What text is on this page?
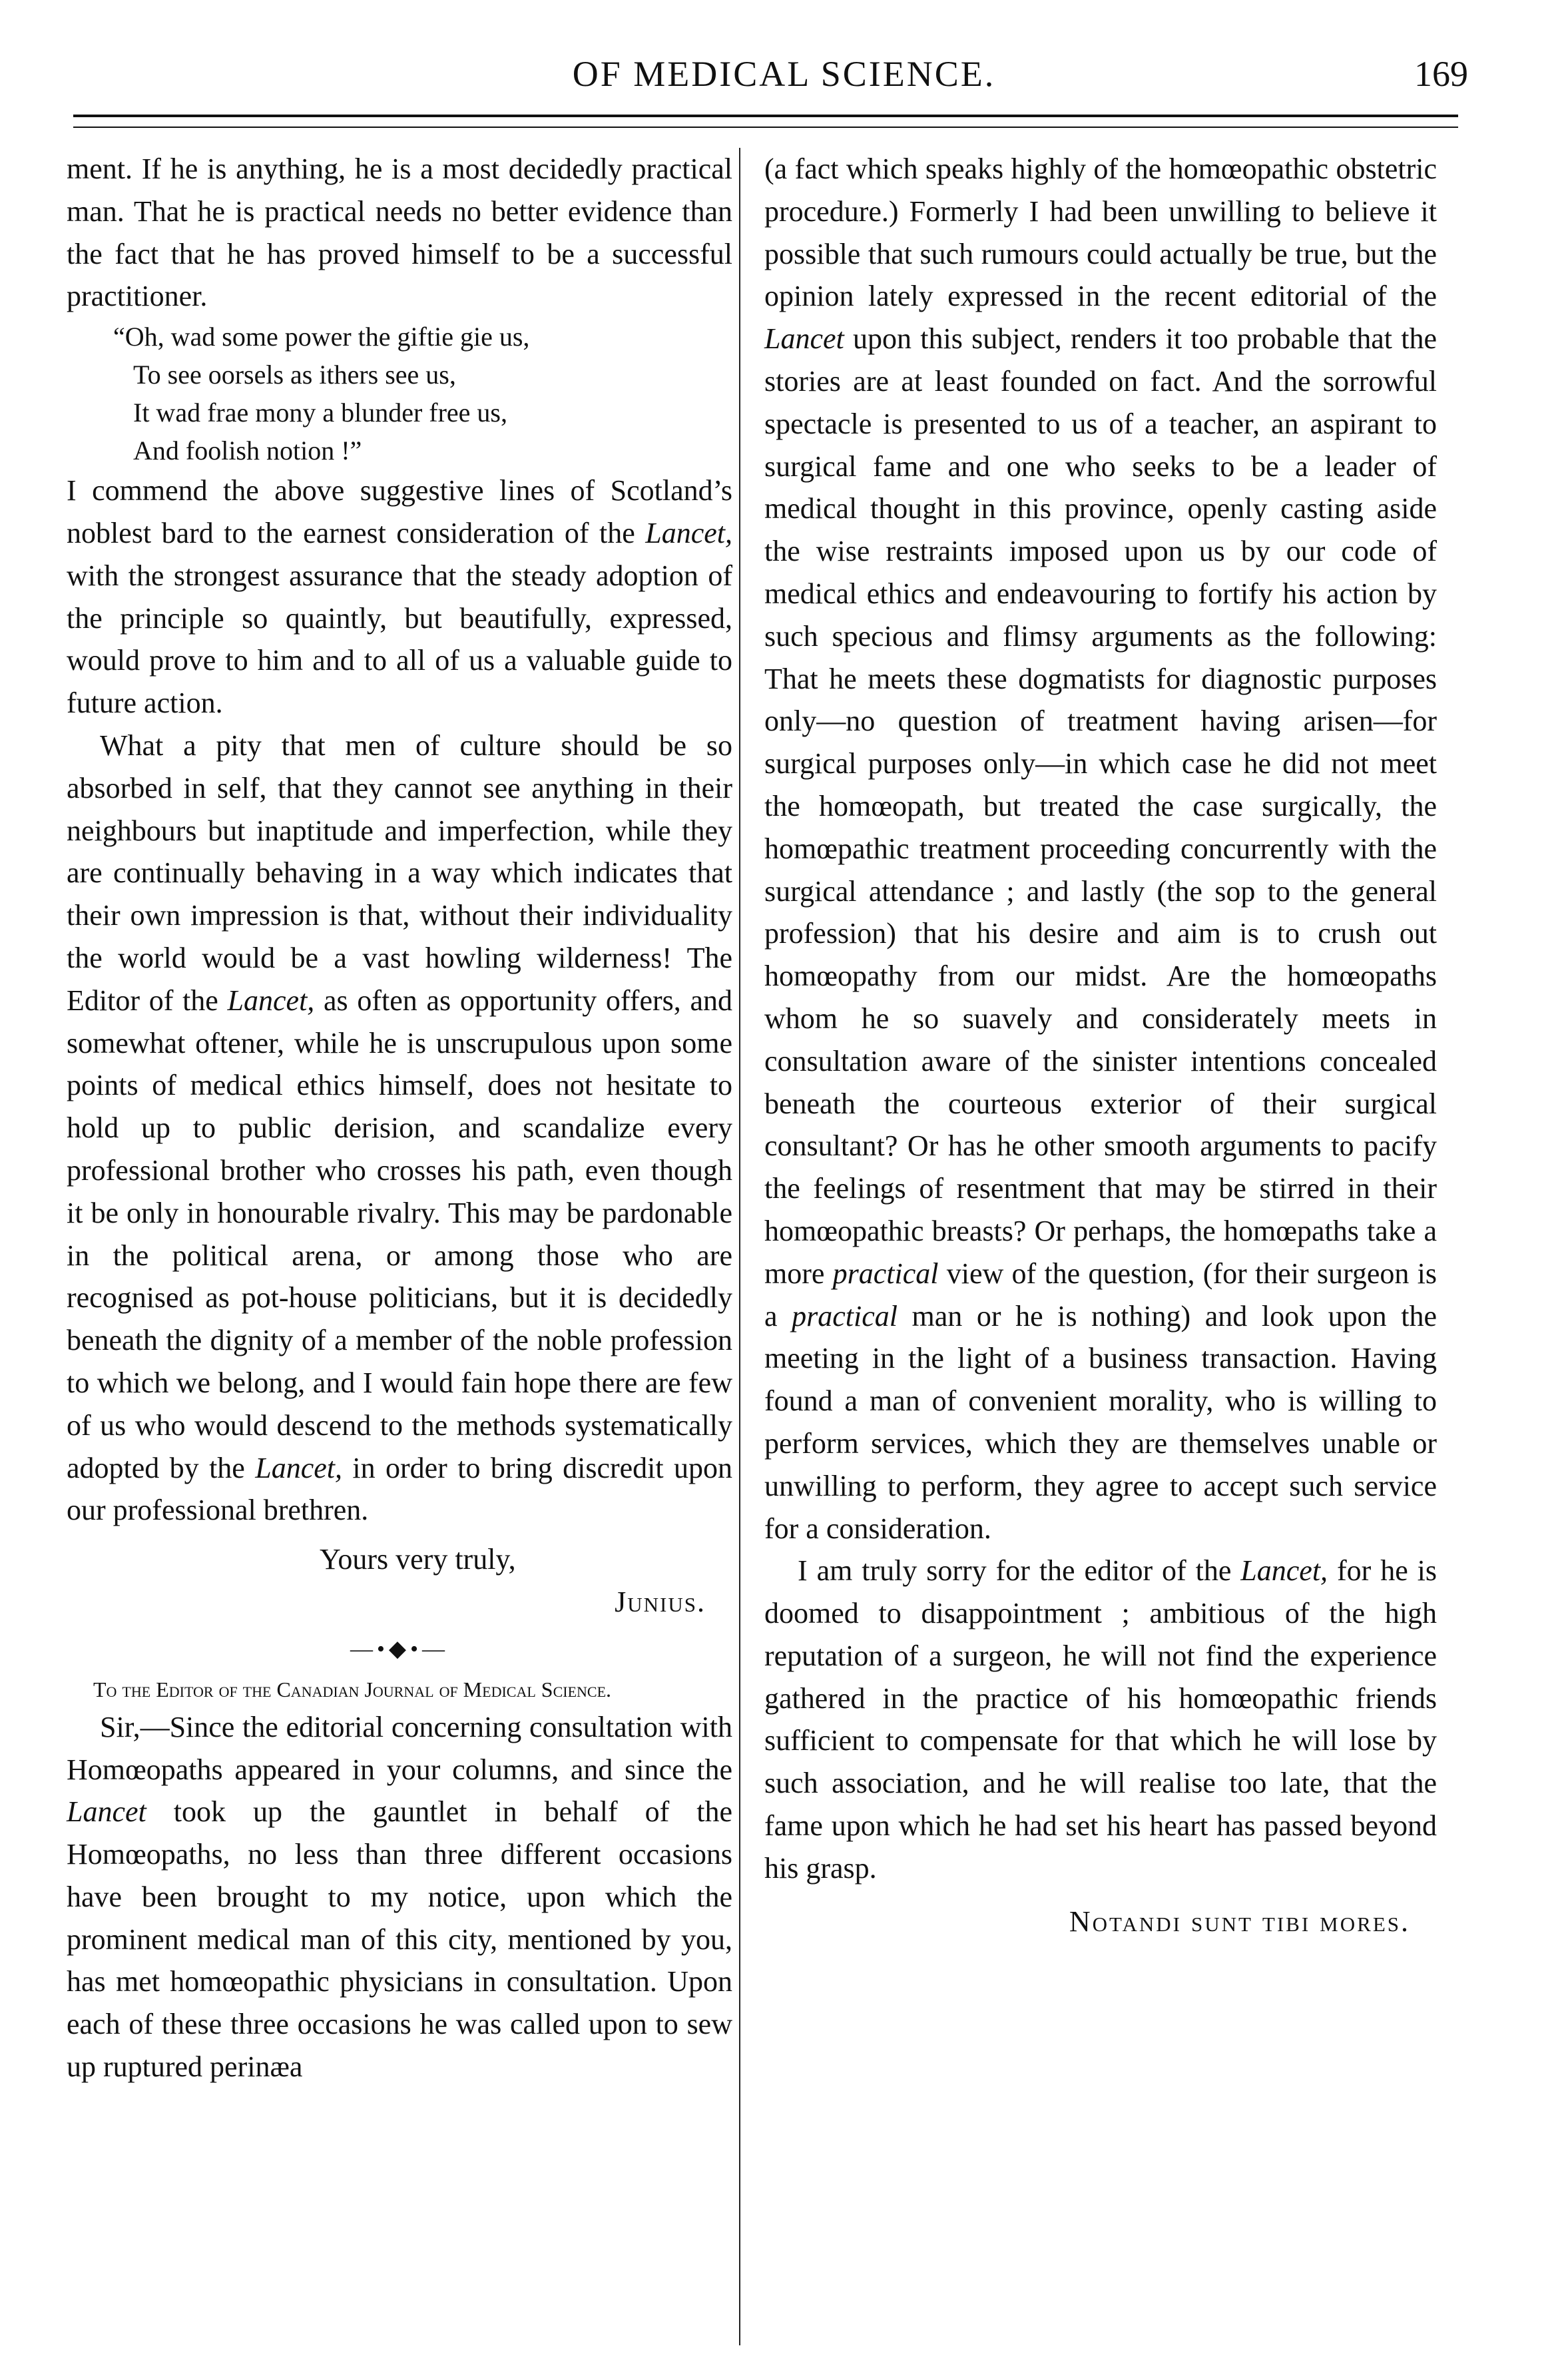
OF MEDICAL SCIENCE.	169

ment. If he is anything, he is a most decidedly practical man. That he is practical needs no better evidence than the fact that he has proved himself to be a successful practitioner.

“Oh, wad some power the giftie gie us,
To see oorsels as ithers see us,
It wad frae mony a blunder free us,
And foolish notion !”

I commend the above suggestive lines of Scotland’s noblest bard to the earnest consideration of the Lancet, with the strongest assurance that the steady adoption of the principle so quaintly, but beautifully, expressed, would prove to him and to all of us a valuable guide to future action.

What a pity that men of culture should be so absorbed in self, that they cannot see anything in their neighbours but inaptitude and imperfection, while they are continually behaving in a way which indicates that their own impression is that, without their individuality the world would be a vast howling wilderness! The Editor of the Lancet, as often as opportunity offers, and somewhat oftener, while he is unscrupulous upon some points of medical ethics himself, does not hesitate to hold up to public derision, and scandalize every professional brother who crosses his path, even though it be only in honourable rivalry. This may be pardonable in the political arena, or among those who are recognised as pot-house politicians, but it is decidedly beneath the dignity of a member of the noble profession to which we belong, and I would fain hope there are few of us who would descend to the methods systematically adopted by the Lancet, in order to bring discredit upon our professional brethren.

Yours very truly,

Junius.

—•◆•—

To the Editor of the Canadian Journal of Medical Science.

Sir,—Since the editorial concerning consultation with Homœopaths appeared in your columns, and since the Lancet took up the gauntlet in behalf of the Homœopaths, no less than three different occasions have been brought to my notice, upon which the prominent medical man of this city, mentioned by you, has met homœopathic physicians in consultation. Upon each of these three occasions he was called upon to sew up ruptured perinæa

(a fact which speaks highly of the homœopathic obstetric procedure.) Formerly I had been unwilling to believe it possible that such rumours could actually be true, but the opinion lately expressed in the recent editorial of the Lancet upon this subject, renders it too probable that the stories are at least founded on fact. And the sorrowful spectacle is presented to us of a teacher, an aspirant to surgical fame and one who seeks to be a leader of medical thought in this province, openly casting aside the wise restraints imposed upon us by our code of medical ethics and endeavouring to fortify his action by such specious and flimsy arguments as the following: That he meets these dogmatists for diagnostic purposes only—no question of treatment having arisen—for surgical purposes only—in which case he did not meet the homœopath, but treated the case surgically, the homœpathic treatment proceeding concurrently with the surgical attendance ; and lastly (the sop to the general profession) that his desire and aim is to crush out homœopathy from our midst. Are the homœopaths whom he so suavely and considerately meets in consultation aware of the sinister intentions concealed beneath the courteous exterior of their surgical consultant? Or has he other smooth arguments to pacify the feelings of resentment that may be stirred in their homœopathic breasts? Or perhaps, the homœpaths take a more practical view of the question, (for their surgeon is a practical man or he is nothing) and look upon the meeting in the light of a business transaction. Having found a man of convenient morality, who is willing to perform services, which they are themselves unable or unwilling to perform, they agree to accept such service for a consideration.

I am truly sorry for the editor of the Lancet, for he is doomed to disappointment ; ambitious of the high reputation of a surgeon, he will not find the experience gathered in the practice of his homœopathic friends sufficient to compensate for that which he will lose by such association, and he will realise too late, that the fame upon which he had set his heart has passed beyond his grasp.

Notandi sunt tibi mores.
